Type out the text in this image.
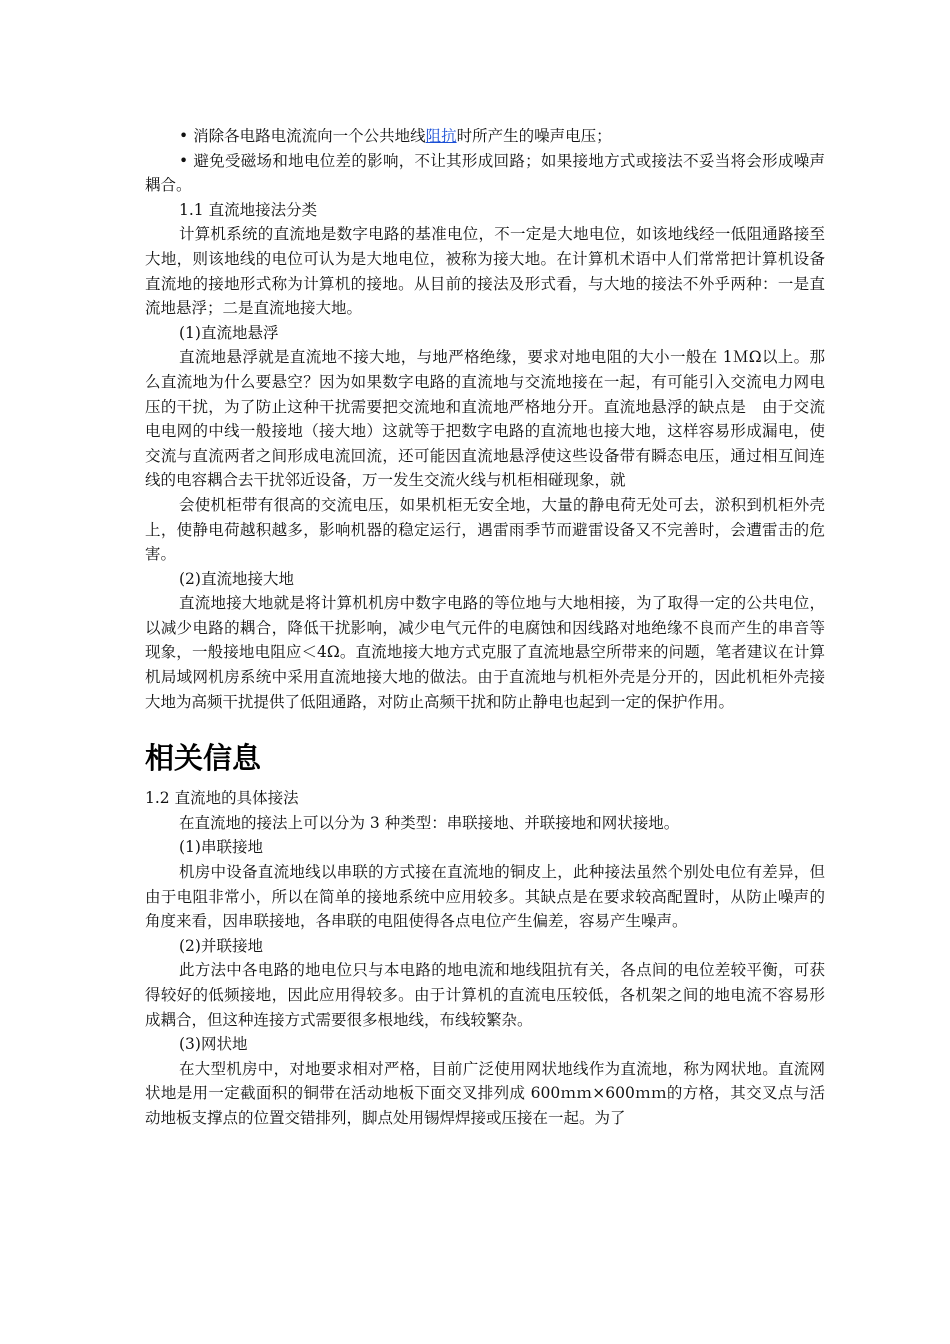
• 消除各电路电流流向一个公共地线阻抗时所产生的噪声电压；

• 避免受磁场和地电位差的影响，不让其形成回路；如果接地方式或接法不妥当将会形成噪声耦合。

1.1 直流地接法分类

计算机系统的直流地是数字电路的基准电位，不一定是大地电位，如该地线经一低阻通路接至大地，则该地线的电位可认为是大地电位，被称为接大地。在计算机术语中人们常常把计算机设备直流地的接地形式称为计算机的接地。从目前的接法及形式看，与大地的接法不外乎两种：一是直流地悬浮；二是直流地接大地。

(1)直流地悬浮

直流地悬浮就是直流地不接大地，与地严格绝缘，要求对地电阻的大小一般在 1ＭΩ以上。那么直流地为什么要悬空？因为如果数字电路的直流地与交流地接在一起，有可能引入交流电力网电压的干扰，为了防止这种干扰需要把交流地和直流地严格地分开。直流地悬浮的缺点是　由于交流电电网的中线一般接地（接大地）这就等于把数字电路的直流地也接大地，这样容易形成漏电，使交流与直流两者之间形成电流回流，还可能因直流地悬浮使这些设备带有瞬态电压，通过相互间连线的电容耦合去干扰邻近设备，万一发生交流火线与机柜相碰现象，就

会使机柜带有很高的交流电压，如果机柜无安全地，大量的静电荷无处可去，淤积到机柜外壳上，使静电荷越积越多，影响机器的稳定运行，遇雷雨季节而避雷设备又不完善时，会遭雷击的危害。

(2)直流地接大地

直流地接大地就是将计算机机房中数字电路的等位地与大地相接，为了取得一定的公共电位，以减少电路的耦合，降低干扰影响，减少电气元件的电腐蚀和因线路对地绝缘不良而产生的串音等现象，一般接地电阻应＜4Ω。直流地接大地方式克服了直流地悬空所带来的问题，笔者建议在计算机局域网机房系统中采用直流地接大地的做法。由于直流地与机柜外壳是分开的，因此机柜外壳接大地为高频干扰提供了低阻通路，对防止高频干扰和防止静电也起到一定的保护作用。

相关信息

1.2 直流地的具体接法

在直流地的接法上可以分为 3 种类型：串联接地、并联接地和网状接地。

(1)串联接地

机房中设备直流地线以串联的方式接在直流地的铜皮上，此种接法虽然个别处电位有差异，但由于电阻非常小，所以在简单的接地系统中应用较多。其缺点是在要求较高配置时，从防止噪声的角度来看，因串联接地，各串联的电阻使得各点电位产生偏差，容易产生噪声。

(2)并联接地

此方法中各电路的地电位只与本电路的地电流和地线阻抗有关，各点间的电位差较平衡，可获得较好的低频接地，因此应用得较多。由于计算机的直流电压较低，各机架之间的地电流不容易形成耦合，但这种连接方式需要很多根地线，布线较繁杂。

(3)网状地

在大型机房中，对地要求相对严格，目前广泛使用网状地线作为直流地，称为网状地。直流网状地是用一定截面积的铜带在活动地板下面交叉排列成 600ｍｍ×600ｍｍ的方格，其交叉点与活动地板支撑点的位置交错排列，脚点处用锡焊焊接或压接在一起。为了
